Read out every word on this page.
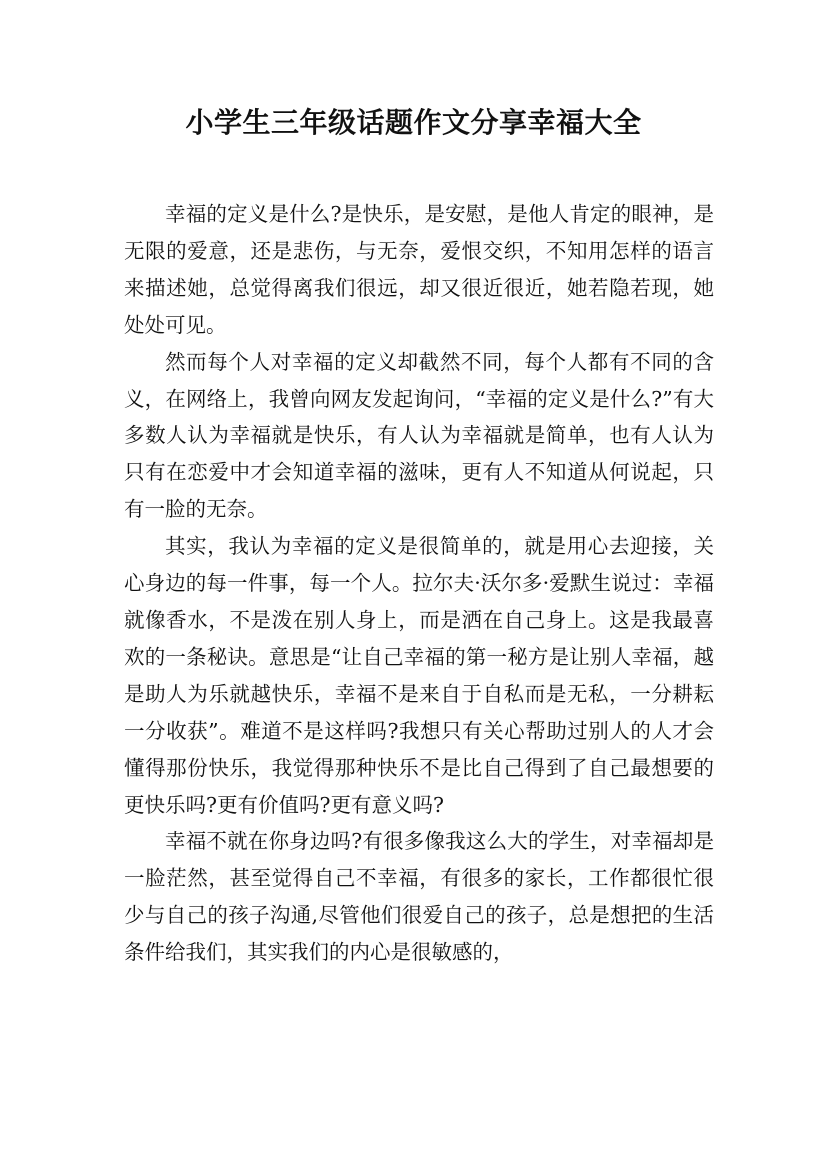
小学生三年级话题作文分享幸福大全

幸福的定义是什么?是快乐，是安慰，是他人肯定的眼神，是无限的爱意，还是悲伤，与无奈，爱恨交织，不知用怎样的语言来描述她，总觉得离我们很远，却又很近很近，她若隐若现，她处处可见。

然而每个人对幸福的定义却截然不同，每个人都有不同的含义，在网络上，我曾向网友发起询问，“幸福的定义是什么?”有大多数人认为幸福就是快乐，有人认为幸福就是简单，也有人认为只有在恋爱中才会知道幸福的滋味，更有人不知道从何说起，只有一脸的无奈。

其实，我认为幸福的定义是很简单的，就是用心去迎接，关心身边的每一件事，每一个人。拉尔夫·沃尔多·爱默生说过：幸福就像香水，不是泼在别人身上，而是洒在自己身上。这是我最喜欢的一条秘诀。意思是“让自己幸福的第一秘方是让别人幸福，越是助人为乐就越快乐，幸福不是来自于自私而是无私，一分耕耘一分收获”。难道不是这样吗?我想只有关心帮助过别人的人才会懂得那份快乐，我觉得那种快乐不是比自己得到了自己最想要的更快乐吗?更有价值吗?更有意义吗?

幸福不就在你身边吗?有很多像我这么大的学生，对幸福却是一脸茫然，甚至觉得自己不幸福，有很多的家长，工作都很忙很少与自己的孩子沟通,尽管他们很爱自己的孩子，总是想把的生活条件给我们，其实我们的内心是很敏感的，
